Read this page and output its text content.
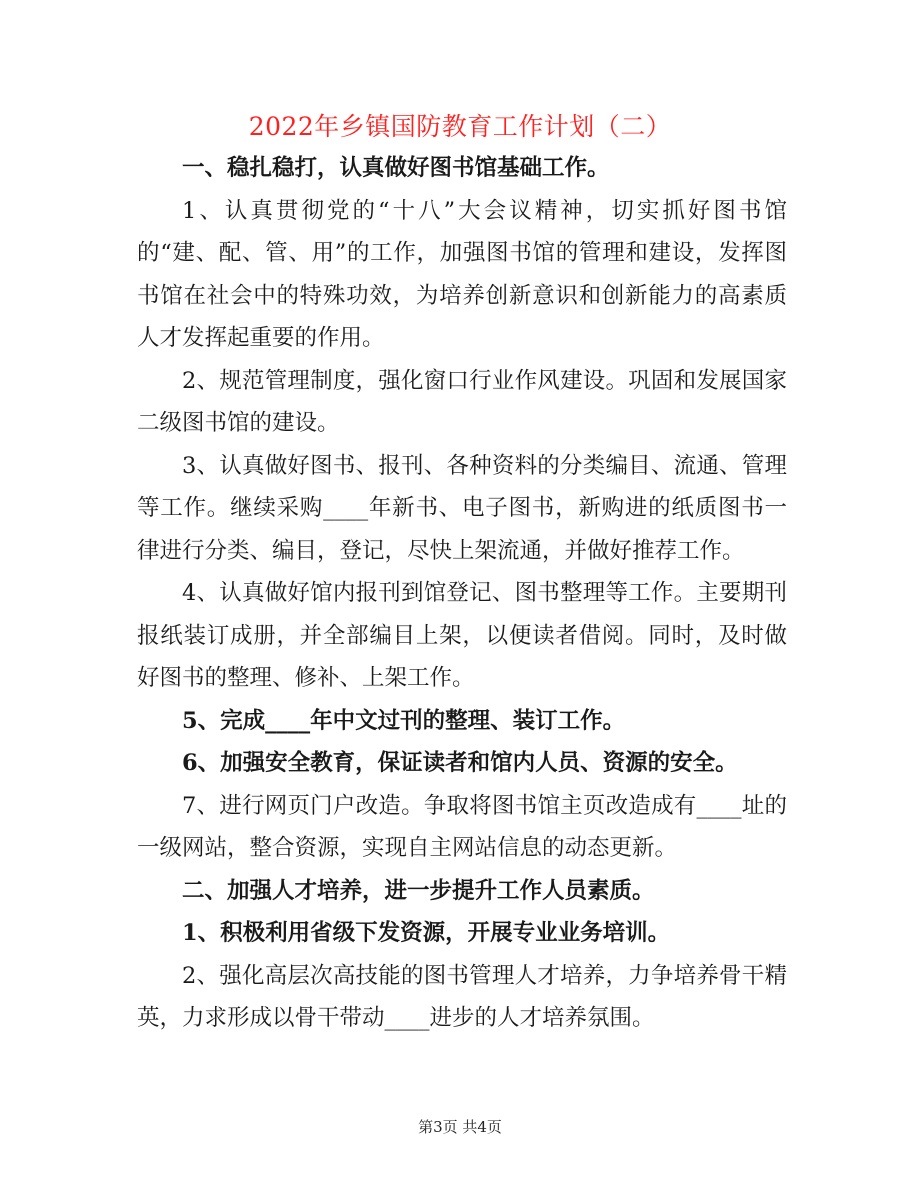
2022年乡镇国防教育工作计划（二）

一、稳扎稳打，认真做好图书馆基础工作。

1、认真贯彻党的“十八”大会议精神，切实抓好图书馆的“建、配、管、用”的工作，加强图书馆的管理和建设，发挥图书馆在社会中的特殊功效，为培养创新意识和创新能力的高素质人才发挥起重要的作用。

2、规范管理制度，强化窗口行业作风建设。巩固和发展国家二级图书馆的建设。

3、认真做好图书、报刊、各种资料的分类编目、流通、管理等工作。继续采购____年新书、电子图书，新购进的纸质图书一律进行分类、编目，登记，尽快上架流通，并做好推荐工作。

4、认真做好馆内报刊到馆登记、图书整理等工作。主要期刊报纸装订成册，并全部编目上架，以便读者借阅。同时，及时做好图书的整理、修补、上架工作。

5、完成____年中文过刊的整理、装订工作。

6、加强安全教育，保证读者和馆内人员、资源的安全。

7、进行网页门户改造。争取将图书馆主页改造成有____址的一级网站，整合资源，实现自主网站信息的动态更新。

二、加强人才培养，进一步提升工作人员素质。

1、积极利用省级下发资源，开展专业业务培训。

2、强化高层次高技能的图书管理人才培养，力争培养骨干精英，力求形成以骨干带动____进步的人才培养氛围。

第3页 共4页
